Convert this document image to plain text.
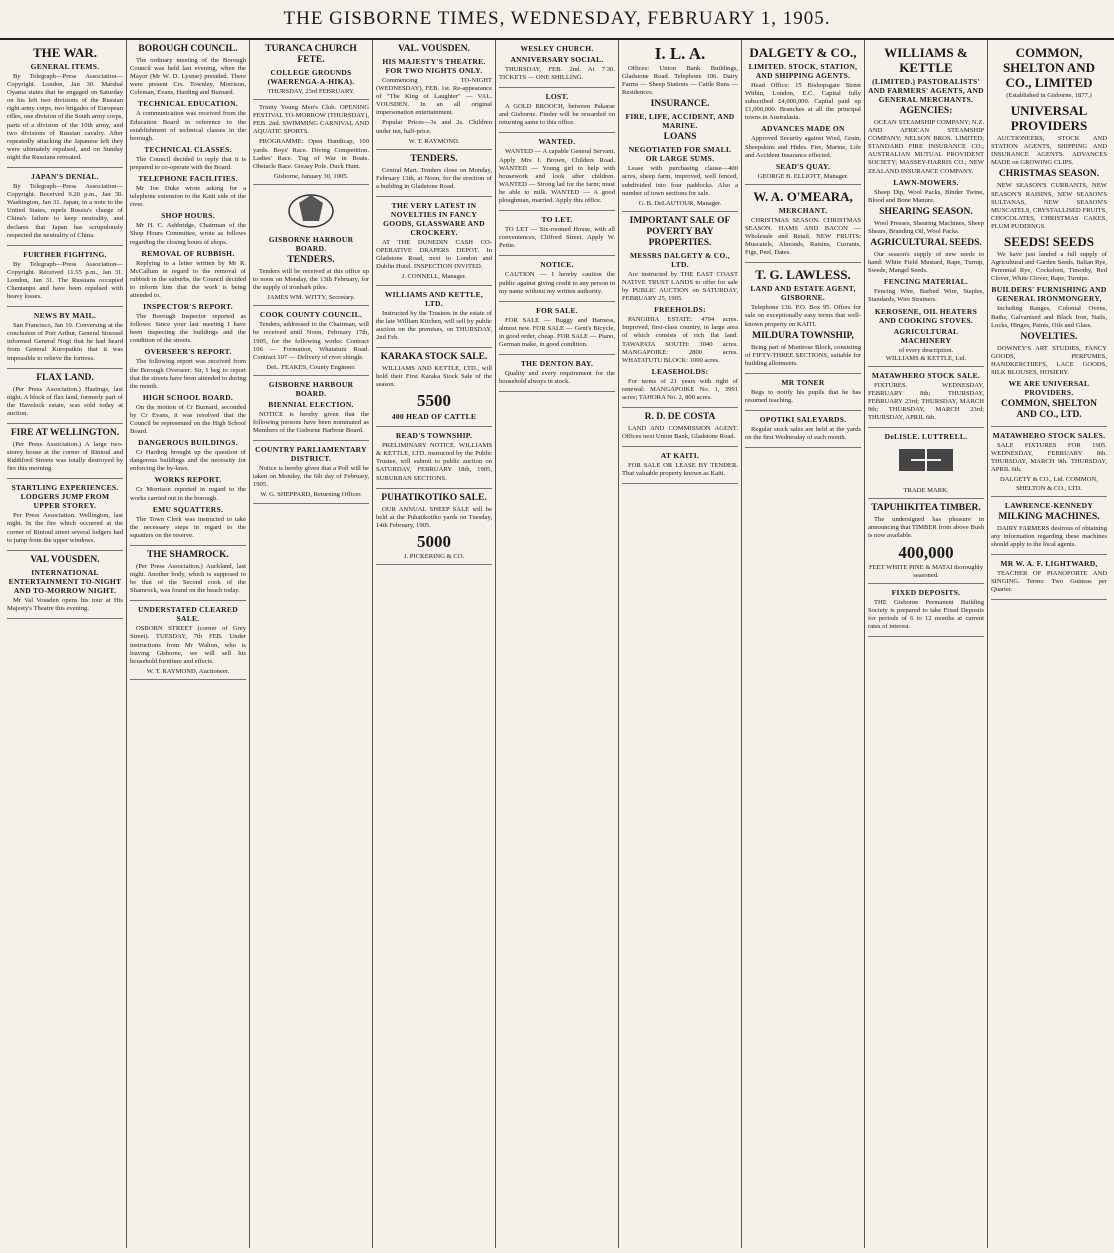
THE GISBORNE TIMES, WEDNESDAY, FEBRUARY 1, 1905.
THE WAR.
GENERAL ITEMS.

By Telegraph—Press Association—Copyright. London, Jan 30. Marshal Oyama states that he engaged on Saturday on his left two divisions of the Russian right army corps, two brigades of European rifles, one division of the South army corps, parts of a division of the 10th army, and two divisions of Russian cavalry. After repeatedly attacking the Japanese left they were ultimately repulsed, and on Sunday night the Russians retreated.

JAPAN'S DENIAL.

By Telegraph—Press Association—Copyright. Received 9.20 p.m., Jan 30. Washington, Jan 31. Japan, in a note to the United States, repels Russia's charge of China's failure to keep neutrality, and declares that Japan has scrupulously respected the neutrality of China.

FURTHER FIGHTING.

By Telegraph—Press Association—Copyright. Received 11.55 p.m., Jan 31. London, Jan 31. The Russians occupied Chentanpu and have been repulsed with heavy losses.

NEWS BY MAIL.

San Francisco, Jan 10. Conversing at the conclusion of Port Arthur, General Stoessel informed General Nogi that he had heard from General Kuropatkin that it was impossible to relieve the fortress.

FLAX LAND.

(Per Press Association.) Hastings, last night. A block of flax land, formerly part of the Havelock estate, was sold today at auction.

FIRE AT WELLINGTON.

(Per Press Association.) A large two-storey house at the corner of Rintoul and Riddiford Streets was totally destroyed by fire this morning.

STARTLING EXPERIENCES. LODGERS JUMP FROM UPPER STOREY.

Per Press Association. Wellington, last night. In the fire which occurred at the corner of Rintoul street several lodgers had to jump from the upper windows.

VAL VOUSDEN.
INTERNATIONAL ENTERTAINMENT TO-NIGHT AND TO-MORROW NIGHT.

Mr Val Vousden opens his tour at His Majesty's Theatre this evening.

BOROUGH COUNCIL.

The ordinary meeting of the Borough Council was held last evening, when the Mayor (Mr W. D. Lysnar) presided. There were present Crs. Townley, Morrison, Coleman, Evans, Harding and Burnard.

TECHNICAL EDUCATION.

A communication was received from the Education Board in reference to the establishment of technical classes in the borough.

TECHNICAL CLASSES.

The Council decided to reply that it is prepared to co-operate with the Board.

TELEPHONE FACILITIES.

Mr Joe Duke wrote asking for a telephone extension to the Kaiti side of the river.

SHOP HOURS.

Mr H. C. Ashbridge, Chairman of the Shop Hours Committee, wrote as follows regarding the closing hours of shops.

REMOVAL OF RUBBISH.

Replying to a letter written by Mr R. McCallum in regard to the removal of rubbish in the suburbs, the Council decided to inform him that the work is being attended to.

INSPECTOR'S REPORT.

The Borough Inspector reported as follows: Since your last meeting I have been inspecting the buildings and the condition of the streets.

OVERSEER'S REPORT.

The following report was received from the Borough Overseer: Sir, I beg to report that the streets have been attended to during the month.

HIGH SCHOOL BOARD.

On the motion of Cr Burnard, seconded by Cr Evans, it was resolved that the Council be represented on the High School Board.

DANGEROUS BUILDINGS.

Cr Harding brought up the question of dangerous buildings and the necessity for enforcing the by-laws.

WORKS REPORT.

Cr Morrison reported in regard to the works carried out in the borough.

EMU SQUATTERS.

The Town Clerk was instructed to take the necessary steps in regard to the squatters on the reserve.

THE SHAMROCK.

(Per Press Association.) Auckland, last night. Another body, which is supposed to be that of the Second cook of the Shamrock, was found on the beach today.

UNDERSTATED CLEARED SALE.

OSBORN STREET (corner of Grey Street). TUESDAY, 7th FEB. Under instructions from Mr Walton, who is leaving Gisborne, we will sell his household furniture and effects.

W. T. RAYMOND, Auctioneer.
TURANCA CHURCH FETE.
COLLEGE GROUNDS (WAERENGA-A-HIKA).
THURSDAY, 23rd FEBRUARY.

Trinity Young Men's Club. OPENING FESTIVAL TO-MORROW (THURSDAY), FEB. 2nd. SWIMMING CARNIVAL AND AQUATIC SPORTS.

PROGRAMME: Open Handicap, 100 yards. Boys' Race. Diving Competition. Ladies' Race. Tug of War in Boats. Obstacle Race. Greasy Pole. Duck Hunt.

Gisborne, January 30, 1905.
GISBORNE HARBOUR BOARD.
TENDERS.

Tenders will be received at this office up to noon on Monday, the 13th February, for the supply of ironbark piles.

JAMES WM. WITTY, Secretary.
COOK COUNTY COUNCIL.

Tenders, addressed to the Chairman, will be received until Noon, February 17th, 1905, for the following works: Contract 106 — Formation, Whatatutu Road. Contract 107 — Delivery of river shingle.

DeL. FEAKES, County Engineer.
GISBORNE HARBOUR BOARD.
BIENNIAL ELECTION.

NOTICE is hereby given that the following persons have been nominated as Members of the Gisborne Harbour Board.

COUNTRY PARLIAMENTARY DISTRICT.

Notice is hereby given that a Poll will be taken on Monday, the 6th day of February, 1905.

W. G. SHEPPARD, Returning Officer.
VAL. VOUSDEN.
HIS MAJESTY'S THEATRE. FOR TWO NIGHTS ONLY.

Commencing TO-NIGHT (WEDNESDAY), FEB. 1st. Re-appearance of "The King of Laughter" — VAL. VOUSDEN. In an all original impersonation entertainment.

Popular Prices—3s and 2s. Children under ten, half-price.

W. T. RAYMOND.
TENDERS.

Central Mart. Tenders close on Monday, February 13th, at Noon, for the erection of a building in Gladstone Road.

THE VERY LATEST IN NOVELTIES IN FANCY GOODS, GLASSWARE AND CROCKERY.

AT THE DUNEDIN CASH CO-OPERATIVE DRAPERS DEPOT. In Gladstone Road, next to London and Dublin Hotel. INSPECTION INVITED.

J. CONNELL, Manager.
WILLIAMS AND KETTLE, LTD.

Instructed by the Trustees in the estate of the late William Kitchen, will sell by public auction on the premises, on THURSDAY, 2nd Feb.

KARAKA STOCK SALE.

WILLIAMS AND KETTLE, LTD., will hold their First Karaka Stock Sale of the season.

5500
400 HEAD OF CATTLE
READ'S TOWNSHIP.

PRELIMINARY NOTICE. WILLIAMS & KETTLE, LTD. instructed by the Public Trustee, will submit to public auction on SATURDAY, FEBRUARY 18th, 1905, SUBURBAN SECTIONS.

PUHATIKOTIKO SALE.

OUR ANNUAL SHEEP SALE will be held at the Puhatikotiko yards on Tuesday, 14th February, 1905.

5000
J. PICKERING & CO.
WESLEY CHURCH.
ANNIVERSARY SOCIAL.

THURSDAY, FEB. 2nd. At 7.30. TICKETS — ONE SHILLING.

LOST.

A GOLD BROOCH, between Pakarae and Gisborne. Finder will be rewarded on returning same to this office.

WANTED.

WANTED — A capable General Servant. Apply Mrs J. Brown, Childers Road. WANTED — Young girl to help with housework and look after children. WANTED — Strong lad for the farm; must be able to milk. WANTED — A good ploughman, married. Apply this office.

TO LET.

TO LET — Six-roomed House, with all conveniences, Clifford Street. Apply W. Pettie.

NOTICE.

CAUTION — I hereby caution the public against giving credit to any person in my name without my written authority.

FOR SALE.

FOR SALE — Buggy and Harness, almost new. FOR SALE — Gent's Bicycle, in good order, cheap. FOR SALE — Piano, German make, in good condition.

THE DENTON BAY.

Quality and every requirement for the household always in stock.

I. L. A.

Offices: Union Bank Buildings, Gladstone Road. Telephone 106. Dairy Farms — Sheep Stations — Cattle Runs — Residences.

INSURANCE.
FIRE, LIFE, ACCIDENT, AND MARINE.
LOANS
NEGOTIATED FOR SMALL OR LARGE SUMS.

Lease with purchasing clause—400 acres, sheep farm, improved, well fenced, subdivided into four paddocks. Also a number of town sections for sale.

G. B. DeLAUTOUR, Manager.
IMPORTANT SALE OF POVERTY BAY PROPERTIES.
MESSRS DALGETY & CO., LTD.

Are instructed by THE EAST COAST NATIVE TRUST LANDS to offer for sale by PUBLIC AUCTION on SATURDAY, FEBRUARY 25, 1905.

FREEHOLDS:

PANGIHIA ESTATE: 4794 acres. Improved, first-class country, in large area of which consists of rich flat land. TAWAPATA SOUTH: 3040 acres. MANGAPOIKE: 2800 acres. WHATATUTU BLOCK: 1000 acres.

LEASEHOLDS:

For terms of 21 years with right of renewal: MANGAPOIKE No. 1, 3991 acres; TAHORA No. 2, 800 acres.

R. D. DE COSTA

LAND AND COMMISSION AGENT. Offices next Union Bank, Gladstone Road.

AT KAITI.

FOR SALE OR LEASE BY TENDER. That valuable property known as Kaiti.

DALGETY & CO.,
LIMITED. STOCK, STATION, AND SHIPPING AGENTS.

Head Office: 15 Bishopsgate Street Within, London, E.C. Capital fully subscribed £4,000,000. Capital paid up £1,000,000. Branches at all the principal towns in Australasia.

ADVANCES MADE ON

Approved Security against Wool, Grain, Sheepskins and Hides. Fire, Marine, Life and Accident Insurance effected.

SEAD'S QUAY.
GEORGE B. ELLIOTT, Manager.
W. A. O'MEARA,
MERCHANT.

CHRISTMAS SEASON. CHRISTMAS SEASON. HAMS AND BACON — Wholesale and Retail. NEW FRUITS: Muscatels, Almonds, Raisins, Currants, Figs, Peel, Dates.

T. G. LAWLESS.
LAND AND ESTATE AGENT, GISBORNE.

Telephone 136. P.O. Box 95. Offers for sale on exceptionally easy terms that well-known property on KAITI.

MILDURA TOWNSHIP,

Being part of Montrose Block, consisting of FIFTY-THREE SECTIONS, suitable for building allotments.

MR TONER

Begs to notify his pupils that he has resumed teaching.

OPOTIKI SALEYARDS.

Regular stock sales are held at the yards on the first Wednesday of each month.

WILLIAMS & KETTLE
(LIMITED.) PASTORALISTS' AND FARMERS' AGENTS, AND GENERAL MERCHANTS.
AGENCIES:

OCEAN STEAMSHIP COMPANY; N.Z. AND AFRICAN STEAMSHIP COMPANY; NELSON BROS. LIMITED; STANDARD FIRE INSURANCE CO.; AUSTRALIAN MUTUAL PROVIDENT SOCIETY; MASSEY-HARRIS CO.; NEW ZEALAND INSURANCE COMPANY.

LAWN-MOWERS.

Sheep Dip, Wool Packs, Binder Twine, Blood and Bone Manure.

SHEARING SEASON.

Wool Presses, Shearing Machines, Sheep Shears, Branding Oil, Wool Packs.

AGRICULTURAL SEEDS.

Our season's supply of new seeds to hand: White Field Mustard, Rape, Turnip, Swede, Mangel Seeds.

FENCING MATERIAL.

Fencing Wire, Barbed Wire, Staples, Standards, Wire Strainers.

KEROSENE, OIL HEATERS AND COOKING STOVES.
AGRICULTURAL MACHINERY
of every description.
WILLIAMS & KETTLE, Ltd.
MATAWHERO STOCK SALE.

FIXTURES. WEDNESDAY, FEBRUARY 8th; THURSDAY, FEBRUARY 23rd; THURSDAY, MARCH 9th; THURSDAY, MARCH 23rd; THURSDAY, APRIL 6th.

DeLISLE. LUTTRELL.
TRADE MARK.
TAPUHIKITEA TIMBER.

The undersigned has pleasure in announcing that TIMBER from above Bush is now available.

400,000
FEET WHITE PINE & MATAI thoroughly seasoned.
FIXED DEPOSITS.

THE Gisborne Permanent Building Society is prepared to take Fixed Deposits for periods of 6 to 12 months at current rates of interest.

COMMON, SHELTON AND CO., LIMITED
(Established in Gisborne, 1877.)
UNIVERSAL PROVIDERS

AUCTIONEERS, STOCK AND STATION AGENTS, SHIPPING AND INSURANCE AGENTS. ADVANCES MADE on GROWING CLIPS.

CHRISTMAS SEASON.

NEW SEASON'S CURRANTS, NEW SEASON'S RAISINS, NEW SEASON'S SULTANAS, NEW SEASON'S MUSCATELS, CRYSTALLISED FRUITS, CHOCOLATES, CHRISTMAS CAKES, PLUM PUDDINGS.

SEEDS! SEEDS

We have just landed a full supply of Agricultural and Garden Seeds. Italian Rye, Perennial Rye, Cocksfoot, Timothy, Red Clover, White Clover, Rape, Turnips.

BUILDERS' FURNISHING AND GENERAL IRONMONGERY,

Including Ranges, Colonial Ovens, Baths, Galvanised and Black Iron, Nails, Locks, Hinges, Paints, Oils and Glass.

NOVELTIES.

DOWNEY'S ART STUDIES, FANCY GOODS, PERFUMES, HANDKERCHIEFS, LACE GOODS, SILK BLOUSES, HOSIERY.

WE ARE UNIVERSAL PROVIDERS.
COMMON, SHELTON AND CO., LTD.
MATAWHERO STOCK SALES.

SALE FIXTURES FOR 1905. WEDNESDAY, FEBRUARY 8th. THURSDAY, MARCH 9th. THURSDAY, APRIL 6th.

DALGETY & CO., Ltd. COMMON, SHELTON & CO., LTD.
LAWRENCE-KENNEDY
MILKING MACHINES.

DAIRY FARMERS desirous of obtaining any information regarding these machines should apply to the local agents.

MR W. A. F. LIGHTWARD,

TEACHER OF PIANOFORTE AND SINGING. Terms: Two Guineas per Quarter.
